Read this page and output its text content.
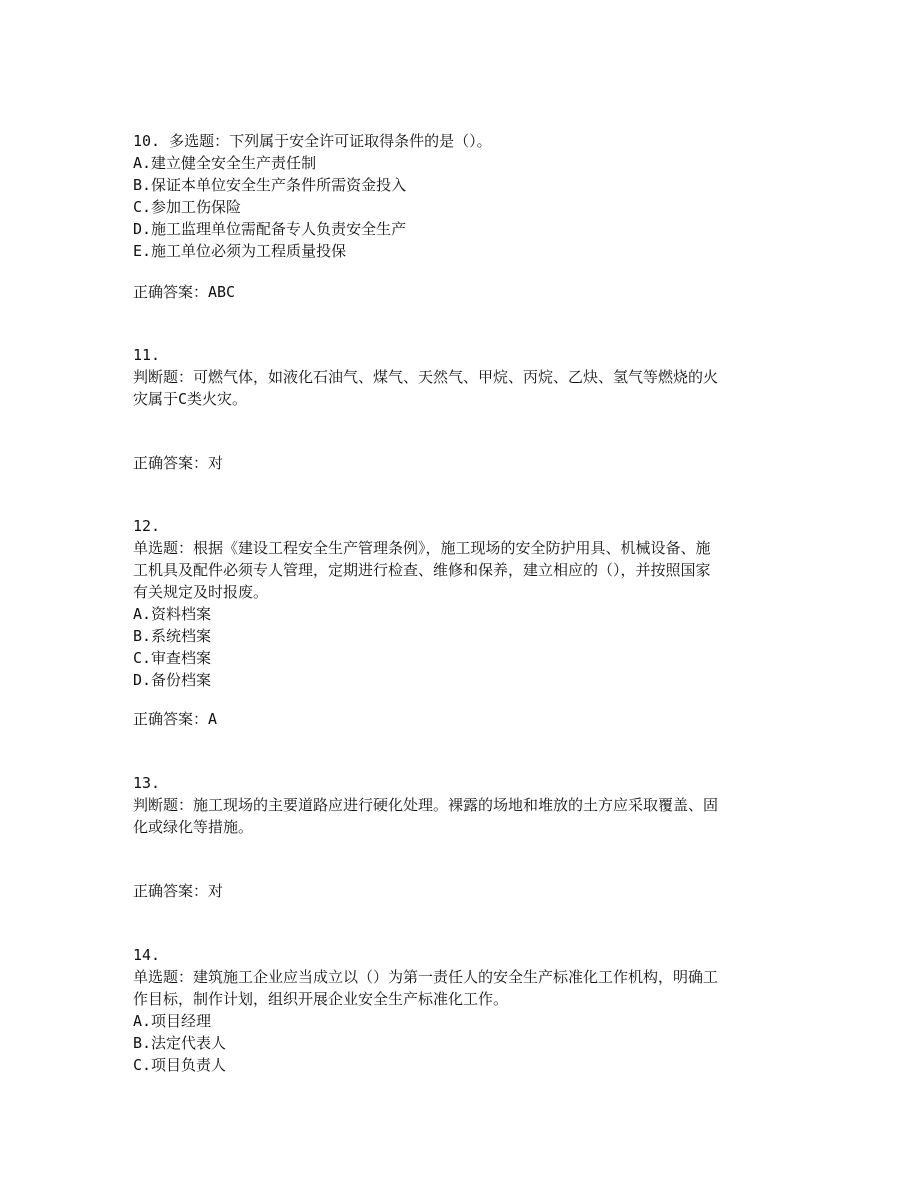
10. 多选题：下列属于安全许可证取得条件的是（）。
A.建立健全安全生产责任制
B.保证本单位安全生产条件所需资金投入
C.参加工伤保险
D.施工监理单位需配备专人负责安全生产
E.施工单位必须为工程质量投保
正确答案：ABC
11.
判断题：可燃气体，如液化石油气、煤气、天然气、甲烷、丙烷、乙炔、氢气等燃烧的火
灾属于C类火灾。
正确答案：对
12.
单选题：根据《建设工程安全生产管理条例》，施工现场的安全防护用具、机械设备、施
工机具及配件必须专人管理，定期进行检查、维修和保养，建立相应的（），并按照国家
有关规定及时报废。
A.资料档案
B.系统档案
C.审查档案
D.备份档案
正确答案：A
13.
判断题：施工现场的主要道路应进行硬化处理。裸露的场地和堆放的土方应采取覆盖、固
化或绿化等措施。
正确答案：对
14.
单选题：建筑施工企业应当成立以（）为第一责任人的安全生产标准化工作机构，明确工
作目标，制作计划，组织开展企业安全生产标准化工作。
A.项目经理
B.法定代表人
C.项目负责人
